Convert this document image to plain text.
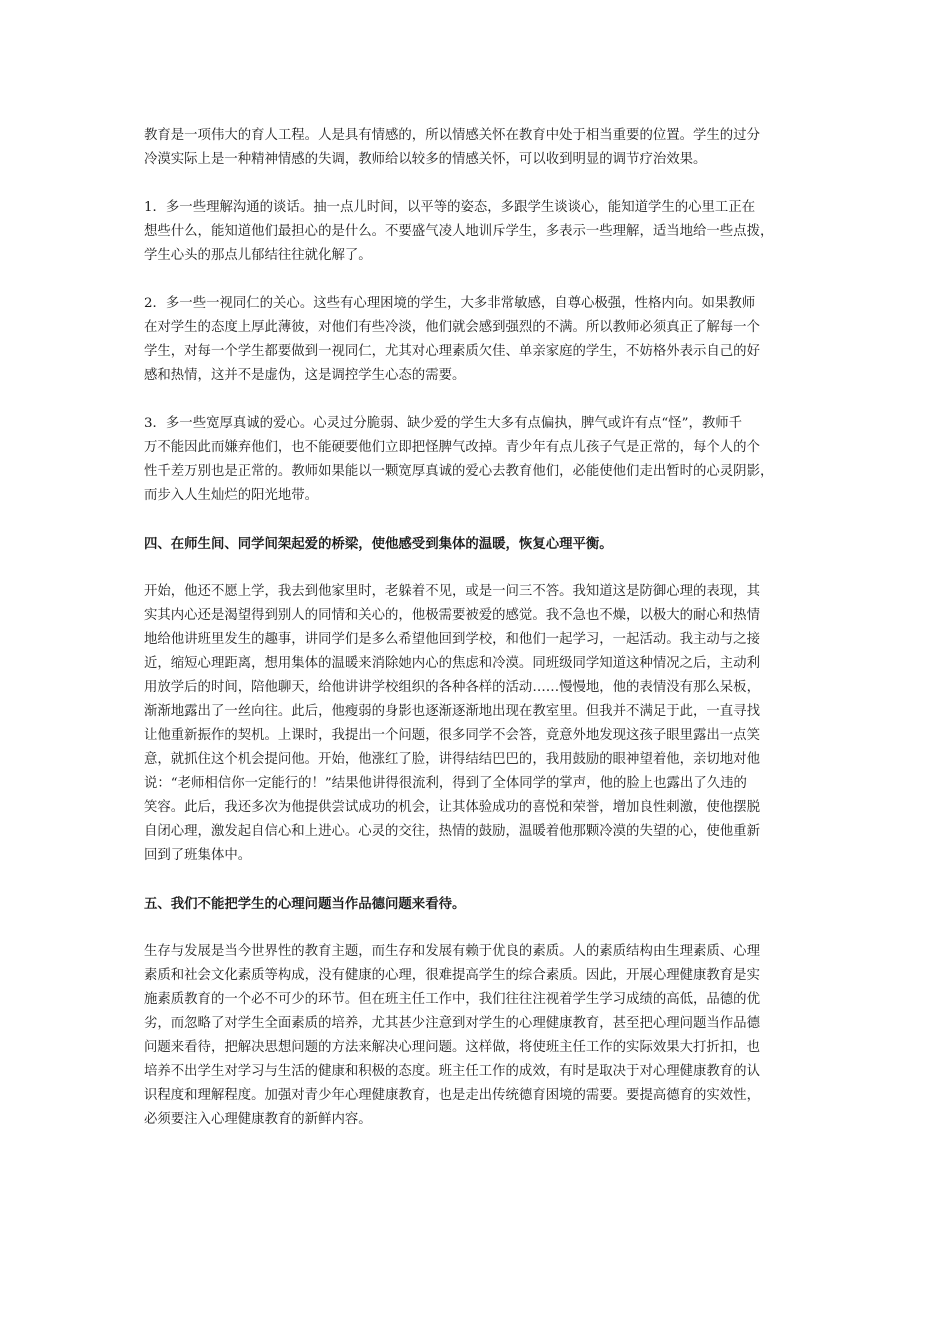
教育是一项伟大的育人工程。人是具有情感的，所以情感关怀在教育中处于相当重要的位置。学生的过分
冷漠实际上是一种精神情感的失调，教师给以较多的情感关怀，可以收到明显的调节疗治效果。
1．多一些理解沟通的谈话。抽一点儿时间，以平等的姿态，多跟学生谈谈心，能知道学生的心里工正在
想些什么，能知道他们最担心的是什么。不要盛气凌人地训斥学生，多表示一些理解，适当地给一些点拨，
学生心头的那点儿郁结往往就化解了。
2．多一些一视同仁的关心。这些有心理困境的学生，大多非常敏感，自尊心极强，性格内向。如果教师
在对学生的态度上厚此薄彼，对他们有些冷淡，他们就会感到强烈的不满。所以教师必须真正了解每一个
学生，对每一个学生都要做到一视同仁，尤其对心理素质欠佳、单亲家庭的学生，不妨格外表示自己的好
感和热情，这并不是虚伪，这是调控学生心态的需要。
3．多一些宽厚真诚的爱心。心灵过分脆弱、缺少爱的学生大多有点偏执，脾气或许有点“怪”，教师千
万不能因此而嫌弃他们，也不能硬要他们立即把怪脾气改掉。青少年有点儿孩子气是正常的，每个人的个
性千差万别也是正常的。教师如果能以一颗宽厚真诚的爱心去教育他们，必能使他们走出暂时的心灵阴影，
而步入人生灿烂的阳光地带。
四、在师生间、同学间架起爱的桥梁，使他感受到集体的温暖，恢复心理平衡。
开始，他还不愿上学，我去到他家里时，老躲着不见，或是一问三不答。我知道这是防御心理的表现，其
实其内心还是渴望得到别人的同情和关心的，他极需要被爱的感觉。我不急也不燥，以极大的耐心和热情
地给他讲班里发生的趣事，讲同学们是多么希望他回到学校，和他们一起学习，一起活动。我主动与之接
近，缩短心理距离，想用集体的温暖来消除她内心的焦虑和冷漠。同班级同学知道这种情况之后，主动利
用放学后的时间，陪他聊天，给他讲讲学校组织的各种各样的活动……慢慢地，他的表情没有那么呆板，
渐渐地露出了一丝向往。此后，他瘦弱的身影也逐渐逐渐地出现在教室里。但我并不满足于此，一直寻找
让他重新振作的契机。上课时，我提出一个问题，很多同学不会答，竟意外地发现这孩子眼里露出一点笑
意，就抓住这个机会提问他。开始，他涨红了脸，讲得结结巴巴的，我用鼓励的眼神望着他，亲切地对他
说：“老师相信你一定能行的！”结果他讲得很流利，得到了全体同学的掌声，他的脸上也露出了久违的
笑容。此后，我还多次为他提供尝试成功的机会，让其体验成功的喜悦和荣誉，增加良性刺激，使他摆脱
自闭心理，激发起自信心和上进心。心灵的交往，热情的鼓励，温暖着他那颗冷漠的失望的心，使他重新
回到了班集体中。
五、我们不能把学生的心理问题当作品德问题来看待。
生存与发展是当今世界性的教育主题，而生存和发展有赖于优良的素质。人的素质结构由生理素质、心理
素质和社会文化素质等构成，没有健康的心理，很难提高学生的综合素质。因此，开展心理健康教育是实
施素质教育的一个必不可少的环节。但在班主任工作中，我们往往注视着学生学习成绩的高低，品德的优
劣，而忽略了对学生全面素质的培养，尤其甚少注意到对学生的心理健康教育，甚至把心理问题当作品德
问题来看待，把解决思想问题的方法来解决心理问题。这样做，将使班主任工作的实际效果大打折扣，也
培养不出学生对学习与生活的健康和积极的态度。班主任工作的成效，有时是取决于对心理健康教育的认
识程度和理解程度。加强对青少年心理健康教育，也是走出传统德育困境的需要。要提高德育的实效性，
必须要注入心理健康教育的新鲜内容。
